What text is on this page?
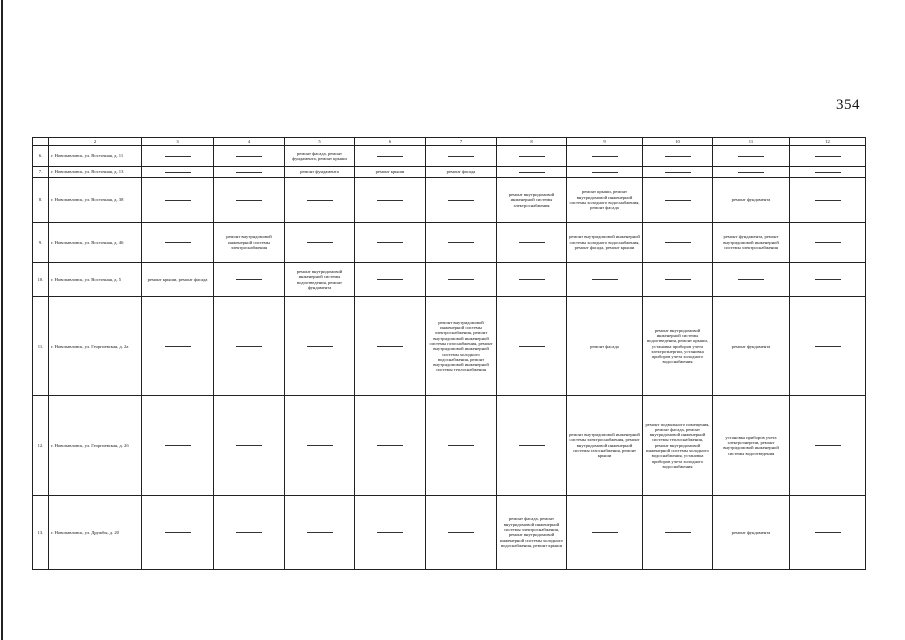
354
	2	3	4	5	6	7	8	9	10	11	12
6.	г. Новопавловск, ул. Восточная, д. 11			ремонт фасада, ремонт фундамента, ремонт крыши							
7.	г. Новопавловск, ул. Восточная, д. 13			ремонт фундамента	ремонт крыши	ремонт фасада					
8.	г. Новопавловск, ул. Восточная, д. 38						ремонт внутридомовой инженерной системы электроснабжения	ремонт крыши, ремонт внутридомовой инженерной системы холодного водоснабжения, ремонт фасада		ремонт фундамента	
9.	г. Новопавловск, ул. Восточная, д. 46		ремонт внутридомовой инженерной системы электроснабжения					ремонт внутридомовой инженерной системы холодного водоснабжения, ремонт фасада, ремонт крыши		ремонт фундамента, ремонт внутридомовой инженерной системы электроснабжения	
10.	г. Новопавловск, ул. Восточная, д. 5	ремонт крыши, ремонт фасада		ремонт внутридомовой инженерной системы водоотведения, ремонт фундамента							
11.	г. Новопавловск, ул. Георгиевская, д. 2а					ремонт внутридомовой инженерной системы электроснабжения, ремонт внутридомовой инженерной системы газоснабжения, ремонт внутридомовой инженерной системы холодного водоснабжения, ремонт внутридомовой инженерной системы теплоснабжения		ремонт фасада	ремонт внутридомовой инженерной системы водоотведения, ремонт крыши, установка приборов учета электроэнергии, установка приборов учета холодного водоснабжения	ремонт фундамента	
12.	г. Новопавловск, ул. Георгиевская, д. 2б							ремонт внутридомовой инженерной системы электроснабжения, ремонт внутридомовой инженерной системы газоснабжения, ремонт крыши	ремонт подвального помещения, ремонт фасада, ремонт внутридомовой инженерной системы теплоснабжения, ремонт внутридомовой инженерной системы холодного водоснабжения, установка приборов учета холодного водоснабжения	установка приборов учета электроэнергии, ремонт внутридомовой инженерной системы водоотведения	
13.	г. Новопавловск, ул. Дружбы, д. 20						ремонт фасада, ремонт внутридомовой инженерной системы электроснабжения, ремонт внутридомовой инженерной системы холодного водоснабжения, ремонт крыши			ремонт фундамента	
